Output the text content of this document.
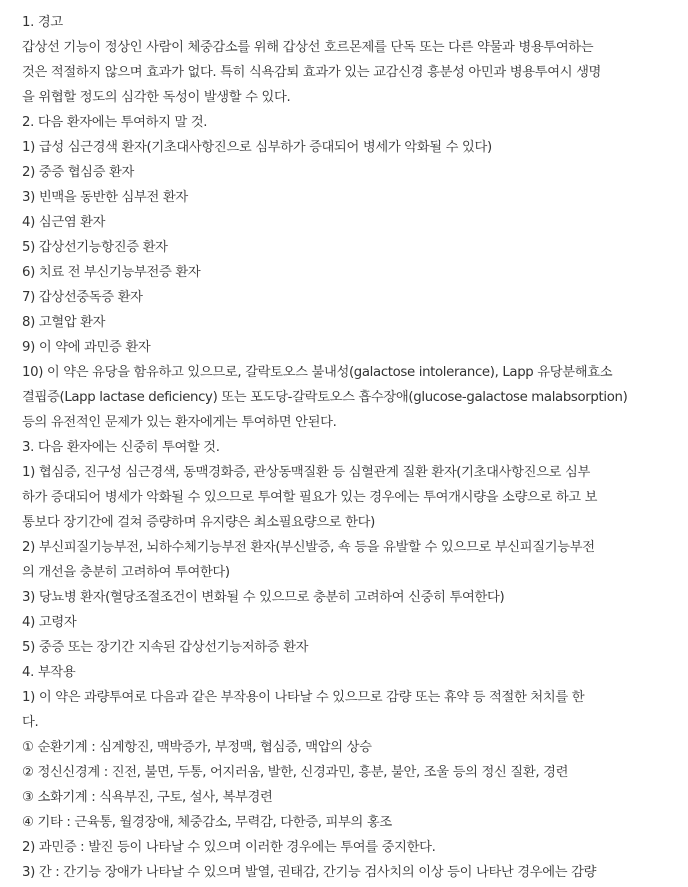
1. 경고
갑상선 기능이 정상인 사람이 체중감소를 위해 갑상선 호르몬제를 단독 또는 다른 약물과 병용투여하는
것은 적절하지 않으며 효과가 없다. 특히 식욕감퇴 효과가 있는 교감신경 흥분성 아민과 병용투여시 생명
을 위협할 정도의 심각한 독성이 발생할 수 있다.
2. 다음 환자에는 투여하지 말 것.
1) 급성 심근경색 환자(기초대사항진으로 심부하가 증대되어 병세가 악화될 수 있다)
2) 중증 협심증 환자
3) 빈맥을 동반한 심부전 환자
4) 심근염 환자
5) 갑상선기능항진증 환자
6) 치료 전 부신기능부전증 환자
7) 갑상선중독증 환자
8) 고혈압 환자
9) 이 약에 과민증 환자
10) 이 약은 유당을 함유하고 있으므로, 갈락토오스 불내성(galactose intolerance), Lapp 유당분해효소
결핍증(Lapp lactase deficiency) 또는 포도당-갈락토오스 흡수장애(glucose-galactose malabsorption)
등의 유전적인 문제가 있는 환자에게는 투여하면 안된다.
3. 다음 환자에는 신중히 투여할 것.
1) 협심증, 진구성 심근경색, 동맥경화증, 관상동맥질환 등 심혈관계 질환 환자(기초대사항진으로 심부
하가 증대되어 병세가 악화될 수 있으므로 투여할 필요가 있는 경우에는 투여개시량을 소량으로 하고 보
통보다 장기간에 걸쳐 증량하며 유지량은 최소필요량으로 한다)
2) 부신피질기능부전, 뇌하수체기능부전 환자(부신발증, 쇽 등을 유발할 수 있으므로 부신피질기능부전
의 개선을 충분히 고려하여 투여한다)
3) 당뇨병 환자(혈당조절조건이 변화될 수 있으므로 충분히 고려하여 신중히 투여한다)
4) 고령자
5) 중증 또는 장기간 지속된 갑상선기능저하증 환자
4. 부작용
1) 이 약은 과량투여로 다음과 같은 부작용이 나타날 수 있으므로 감량 또는 휴약 등 적절한 처치를 한
다.
① 순환기계 : 심계항진, 맥박증가, 부정맥, 협심증, 맥압의 상승
② 정신신경계 : 진전, 불면, 두통, 어지러움, 발한, 신경과민, 흥분, 불안, 조울 등의 정신 질환, 경련
③ 소화기계 : 식욕부진, 구토, 설사, 복부경련
④ 기타 : 근육통, 월경장애, 체중감소, 무력감, 다한증, 피부의 홍조
2) 과민증 : 발진 등이 나타날 수 있으며 이러한 경우에는 투여를 중지한다.
3) 간 : 간기능 장애가 나타날 수 있으며 발열, 권태감, 간기능 검사치의 이상 등이 나타난 경우에는 감량
